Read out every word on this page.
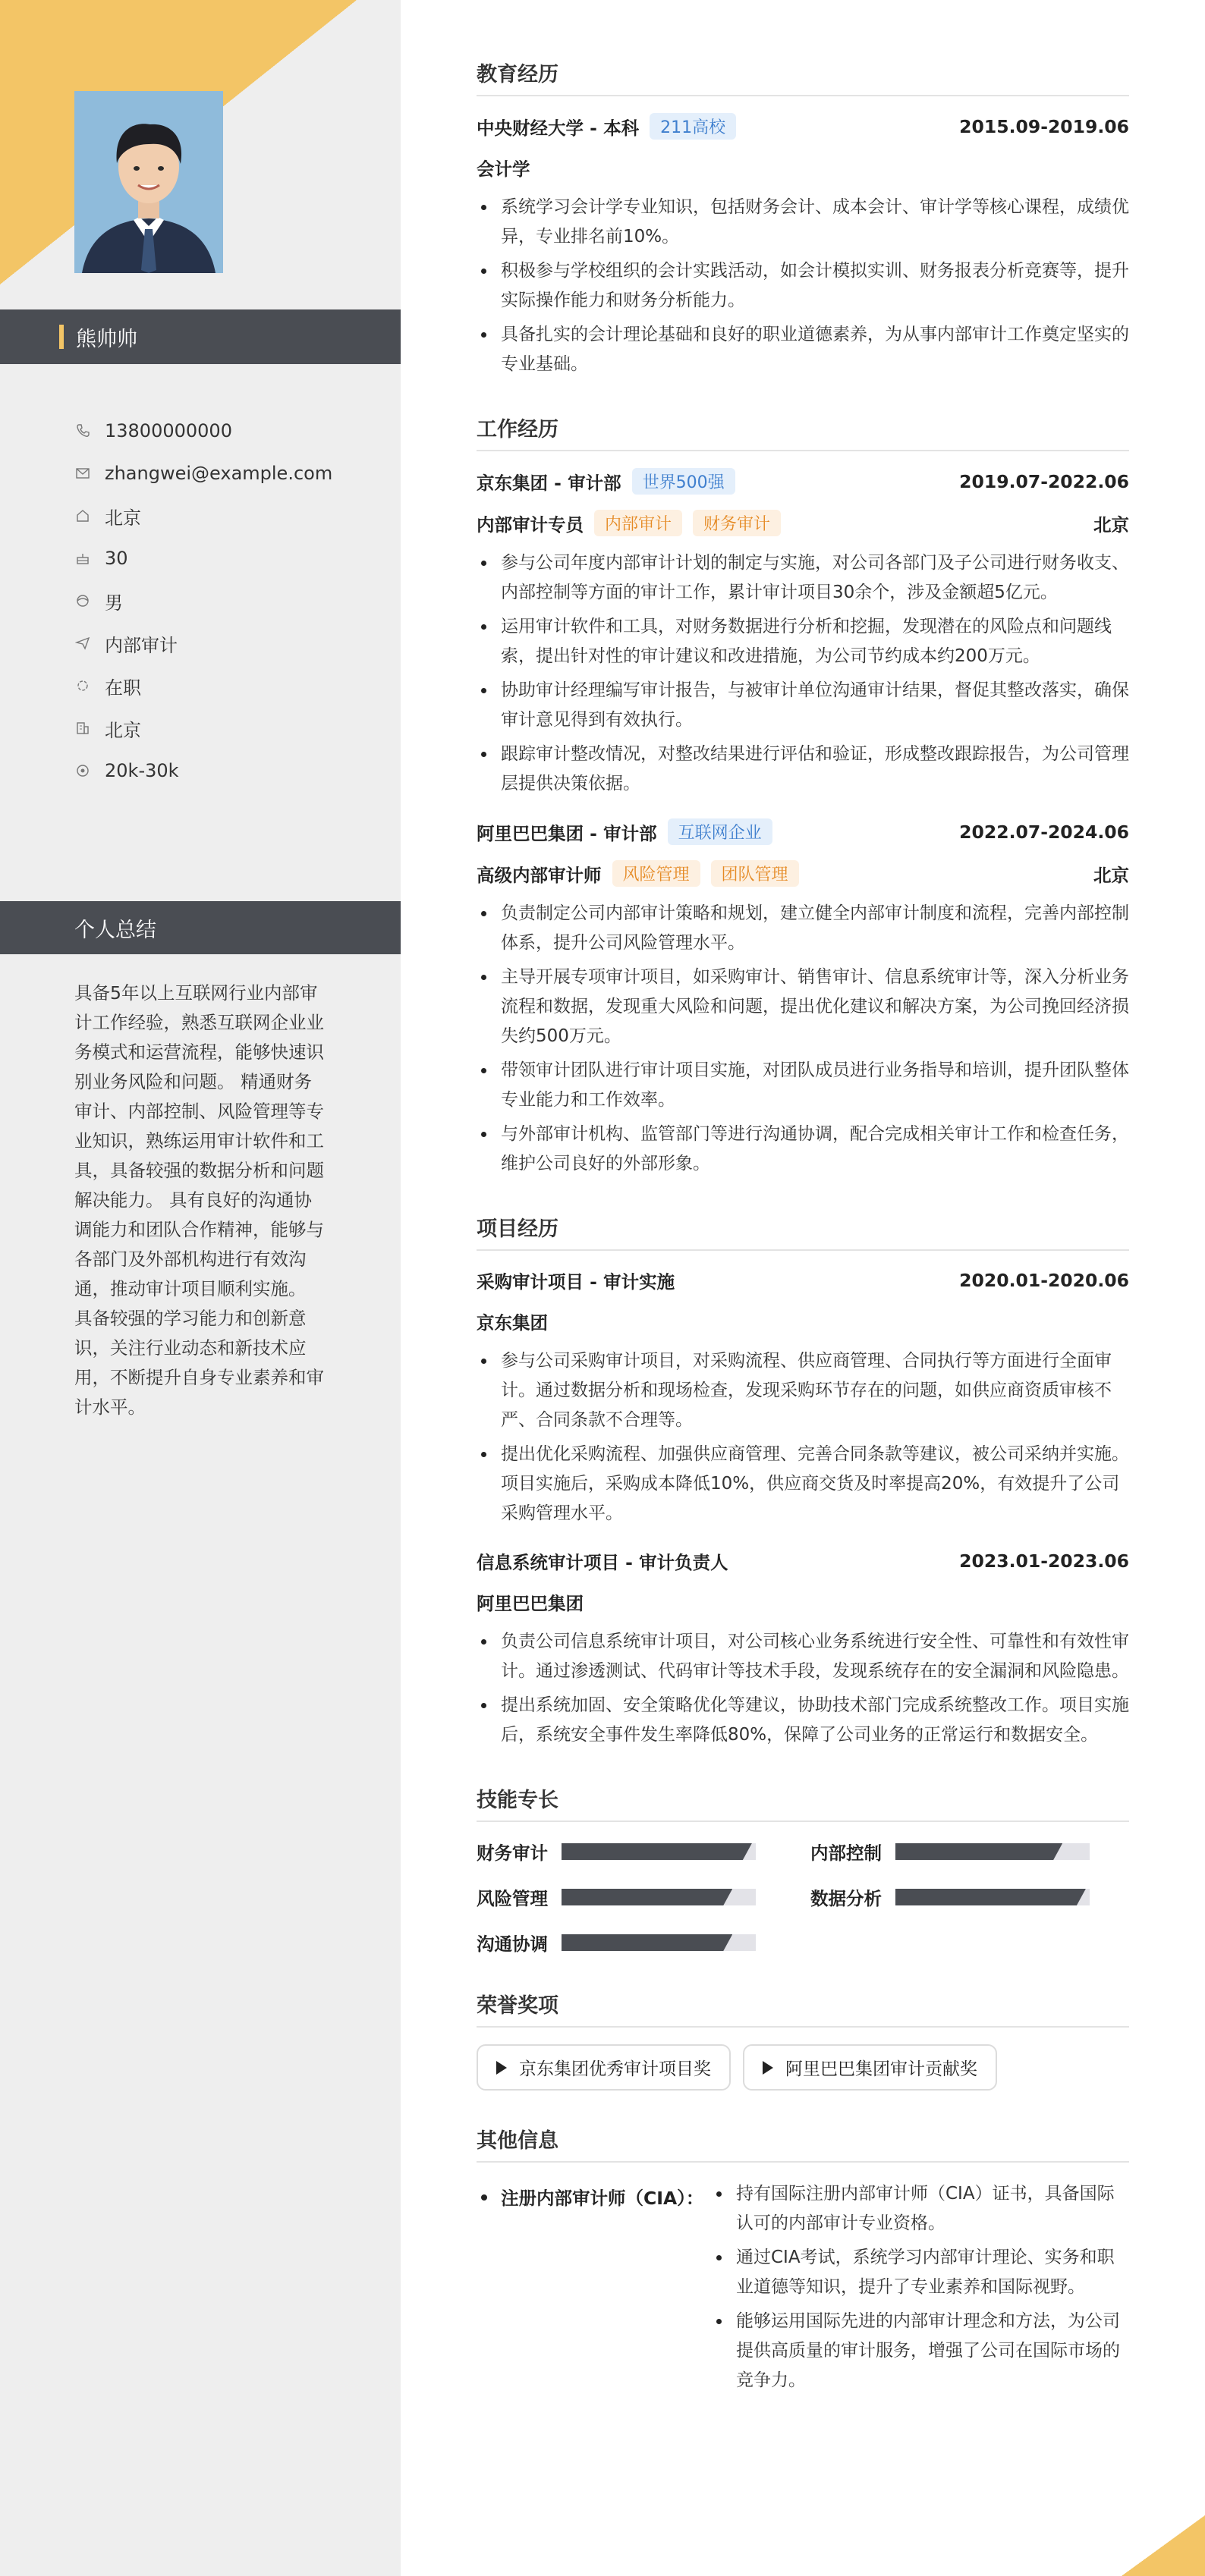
熊帅帅
13800000000
zhangwei@example.com
北京
30
男
内部审计
在职
北京
20k-30k
个人总结
具备5年以上互联网行业内部审计工作经验，熟悉互联网企业业务模式和运营流程，能够快速识别业务风险和问题。 精通财务审计、内部控制、风险管理等专业知识，熟练运用审计软件和工具，具备较强的数据分析和问题解决能力。 具有良好的沟通协调能力和团队合作精神，能够与各部门及外部机构进行有效沟通，推动审计项目顺利实施。 具备较强的学习能力和创新意识，关注行业动态和新技术应用，不断提升自身专业素养和审计水平。
教育经历
中央财经大学 - 本科	211高校	2015.09-2019.06
会计学
系统学习会计学专业知识，包括财务会计、成本会计、审计学等核心课程，成绩优异，专业排名前10%。
积极参与学校组织的会计实践活动，如会计模拟实训、财务报表分析竞赛等，提升实际操作能力和财务分析能力。
具备扎实的会计理论基础和良好的职业道德素养，为从事内部审计工作奠定坚实的专业基础。
工作经历
京东集团 - 审计部	世界500强	2019.07-2022.06
内部审计专员	内部审计	财务审计	北京
参与公司年度内部审计计划的制定与实施，对公司各部门及子公司进行财务收支、内部控制等方面的审计工作，累计审计项目30余个，涉及金额超5亿元。
运用审计软件和工具，对财务数据进行分析和挖掘，发现潜在的风险点和问题线索，提出针对性的审计建议和改进措施，为公司节约成本约200万元。
协助审计经理编写审计报告，与被审计单位沟通审计结果，督促其整改落实，确保审计意见得到有效执行。
跟踪审计整改情况，对整改结果进行评估和验证，形成整改跟踪报告，为公司管理层提供决策依据。
阿里巴巴集团 - 审计部	互联网企业	2022.07-2024.06
高级内部审计师	风险管理	团队管理	北京
负责制定公司内部审计策略和规划，建立健全内部审计制度和流程，完善内部控制体系，提升公司风险管理水平。
主导开展专项审计项目，如采购审计、销售审计、信息系统审计等，深入分析业务流程和数据，发现重大风险和问题，提出优化建议和解决方案，为公司挽回经济损失约500万元。
带领审计团队进行审计项目实施，对团队成员进行业务指导和培训，提升团队整体专业能力和工作效率。
与外部审计机构、监管部门等进行沟通协调，配合完成相关审计工作和检查任务，维护公司良好的外部形象。
项目经历
采购审计项目 - 审计实施	2020.01-2020.06
京东集团
参与公司采购审计项目，对采购流程、供应商管理、合同执行等方面进行全面审计。通过数据分析和现场检查，发现采购环节存在的问题，如供应商资质审核不严、合同条款不合理等。
提出优化采购流程、加强供应商管理、完善合同条款等建议，被公司采纳并实施。项目实施后，采购成本降低10%，供应商交货及时率提高20%，有效提升了公司采购管理水平。
信息系统审计项目 - 审计负责人	2023.01-2023.06
阿里巴巴集团
负责公司信息系统审计项目，对公司核心业务系统进行安全性、可靠性和有效性审计。通过渗透测试、代码审计等技术手段，发现系统存在的安全漏洞和风险隐患。
提出系统加固、安全策略优化等建议，协助技术部门完成系统整改工作。项目实施后，系统安全事件发生率降低80%，保障了公司业务的正常运行和数据安全。
技能专长
财务审计	内部控制
风险管理	数据分析
沟通协调
荣誉奖项
京东集团优秀审计项目奖	阿里巴巴集团审计贡献奖
其他信息
注册内部审计师（CIA）：	持有国际注册内部审计师（CIA）证书，具备国际认可的内部审计专业资格。
通过CIA考试，系统学习内部审计理论、实务和职业道德等知识，提升了专业素养和国际视野。
能够运用国际先进的内部审计理念和方法，为公司提供高质量的审计服务，增强了公司在国际市场的竞争力。
